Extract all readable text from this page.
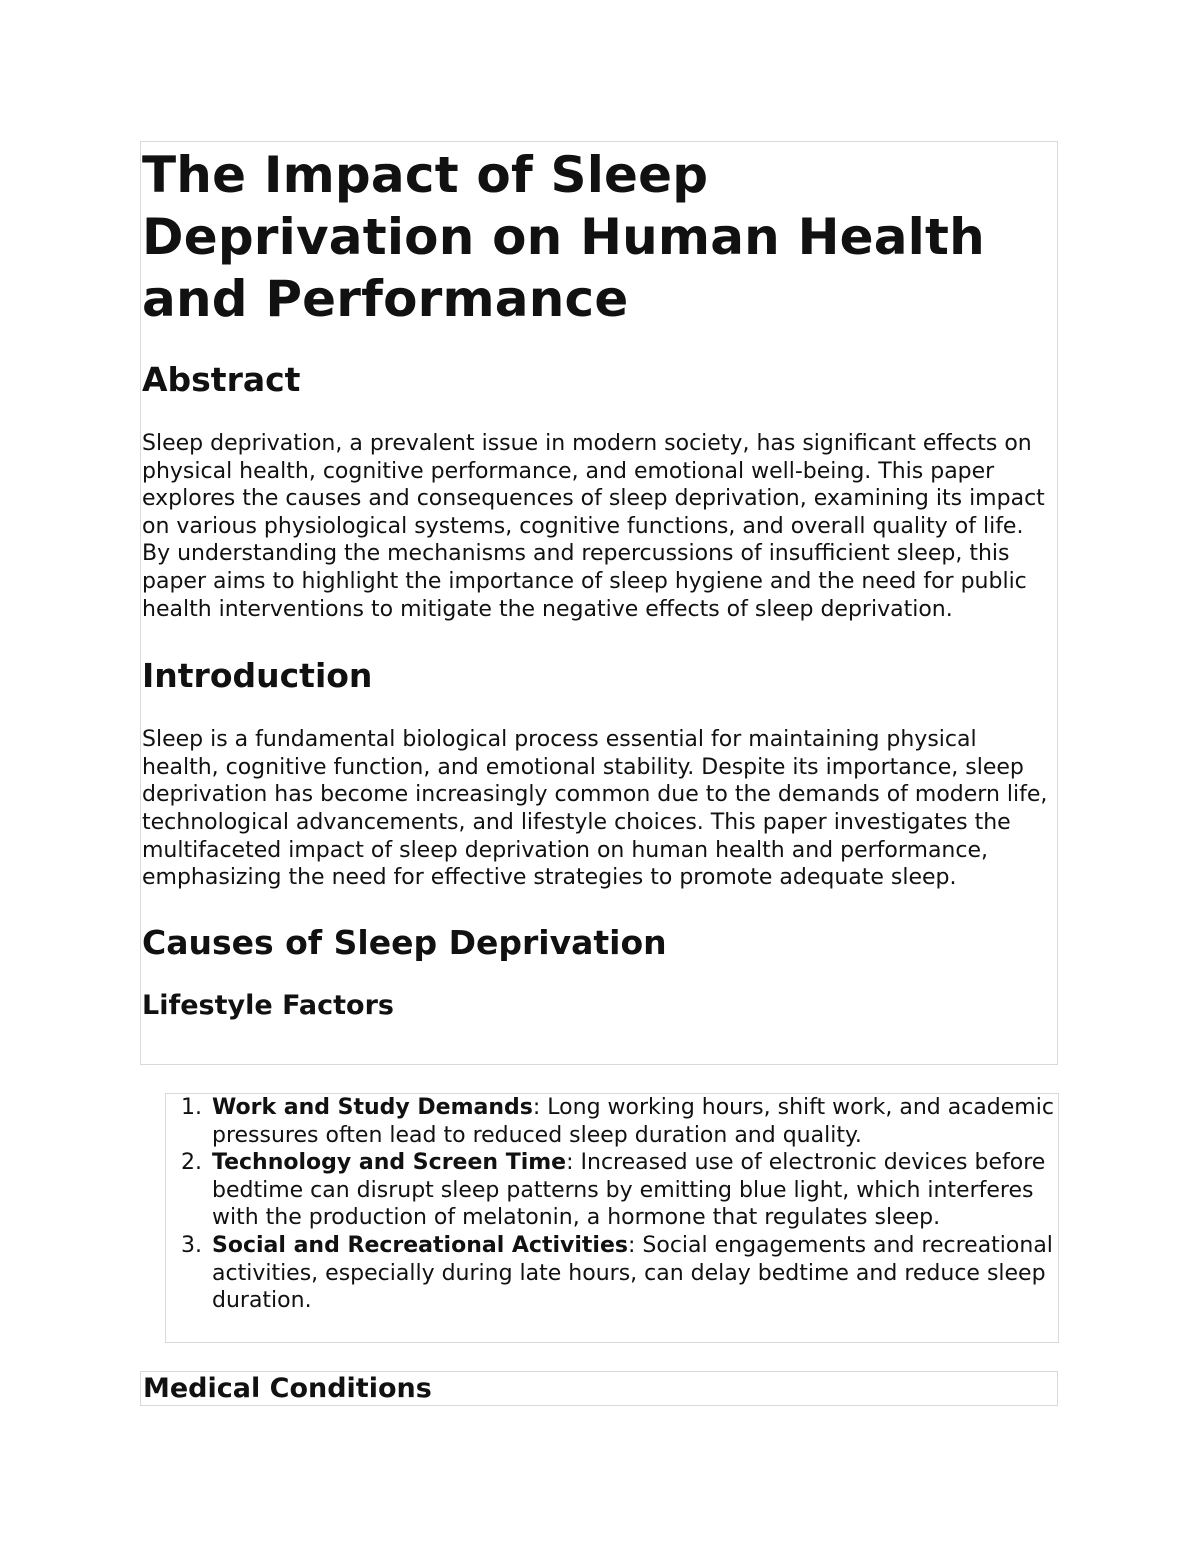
The Impact of Sleep Deprivation on Human Health and Performance
Abstract

Sleep deprivation, a prevalent issue in modern society, has significant effects on physical health, cognitive performance, and emotional well-being. This paper explores the causes and consequences of sleep deprivation, examining its impact on various physiological systems, cognitive functions, and overall quality of life. By understanding the mechanisms and repercussions of insufficient sleep, this paper aims to highlight the importance of sleep hygiene and the need for public health interventions to mitigate the negative effects of sleep deprivation.

Introduction

Sleep is a fundamental biological process essential for maintaining physical health, cognitive function, and emotional stability. Despite its importance, sleep deprivation has become increasingly common due to the demands of modern life, technological advancements, and lifestyle choices. This paper investigates the multifaceted impact of sleep deprivation on human health and performance, emphasizing the need for effective strategies to promote adequate sleep.

Causes of Sleep Deprivation
Lifestyle Factors
1. Work and Study Demands: Long working hours, shift work, and academic pressures often lead to reduced sleep duration and quality.
2. Technology and Screen Time: Increased use of electronic devices before bedtime can disrupt sleep patterns by emitting blue light, which interferes with the production of melatonin, a hormone that regulates sleep.
3. Social and Recreational Activities: Social engagements and recreational activities, especially during late hours, can delay bedtime and reduce sleep duration.
Medical Conditions
